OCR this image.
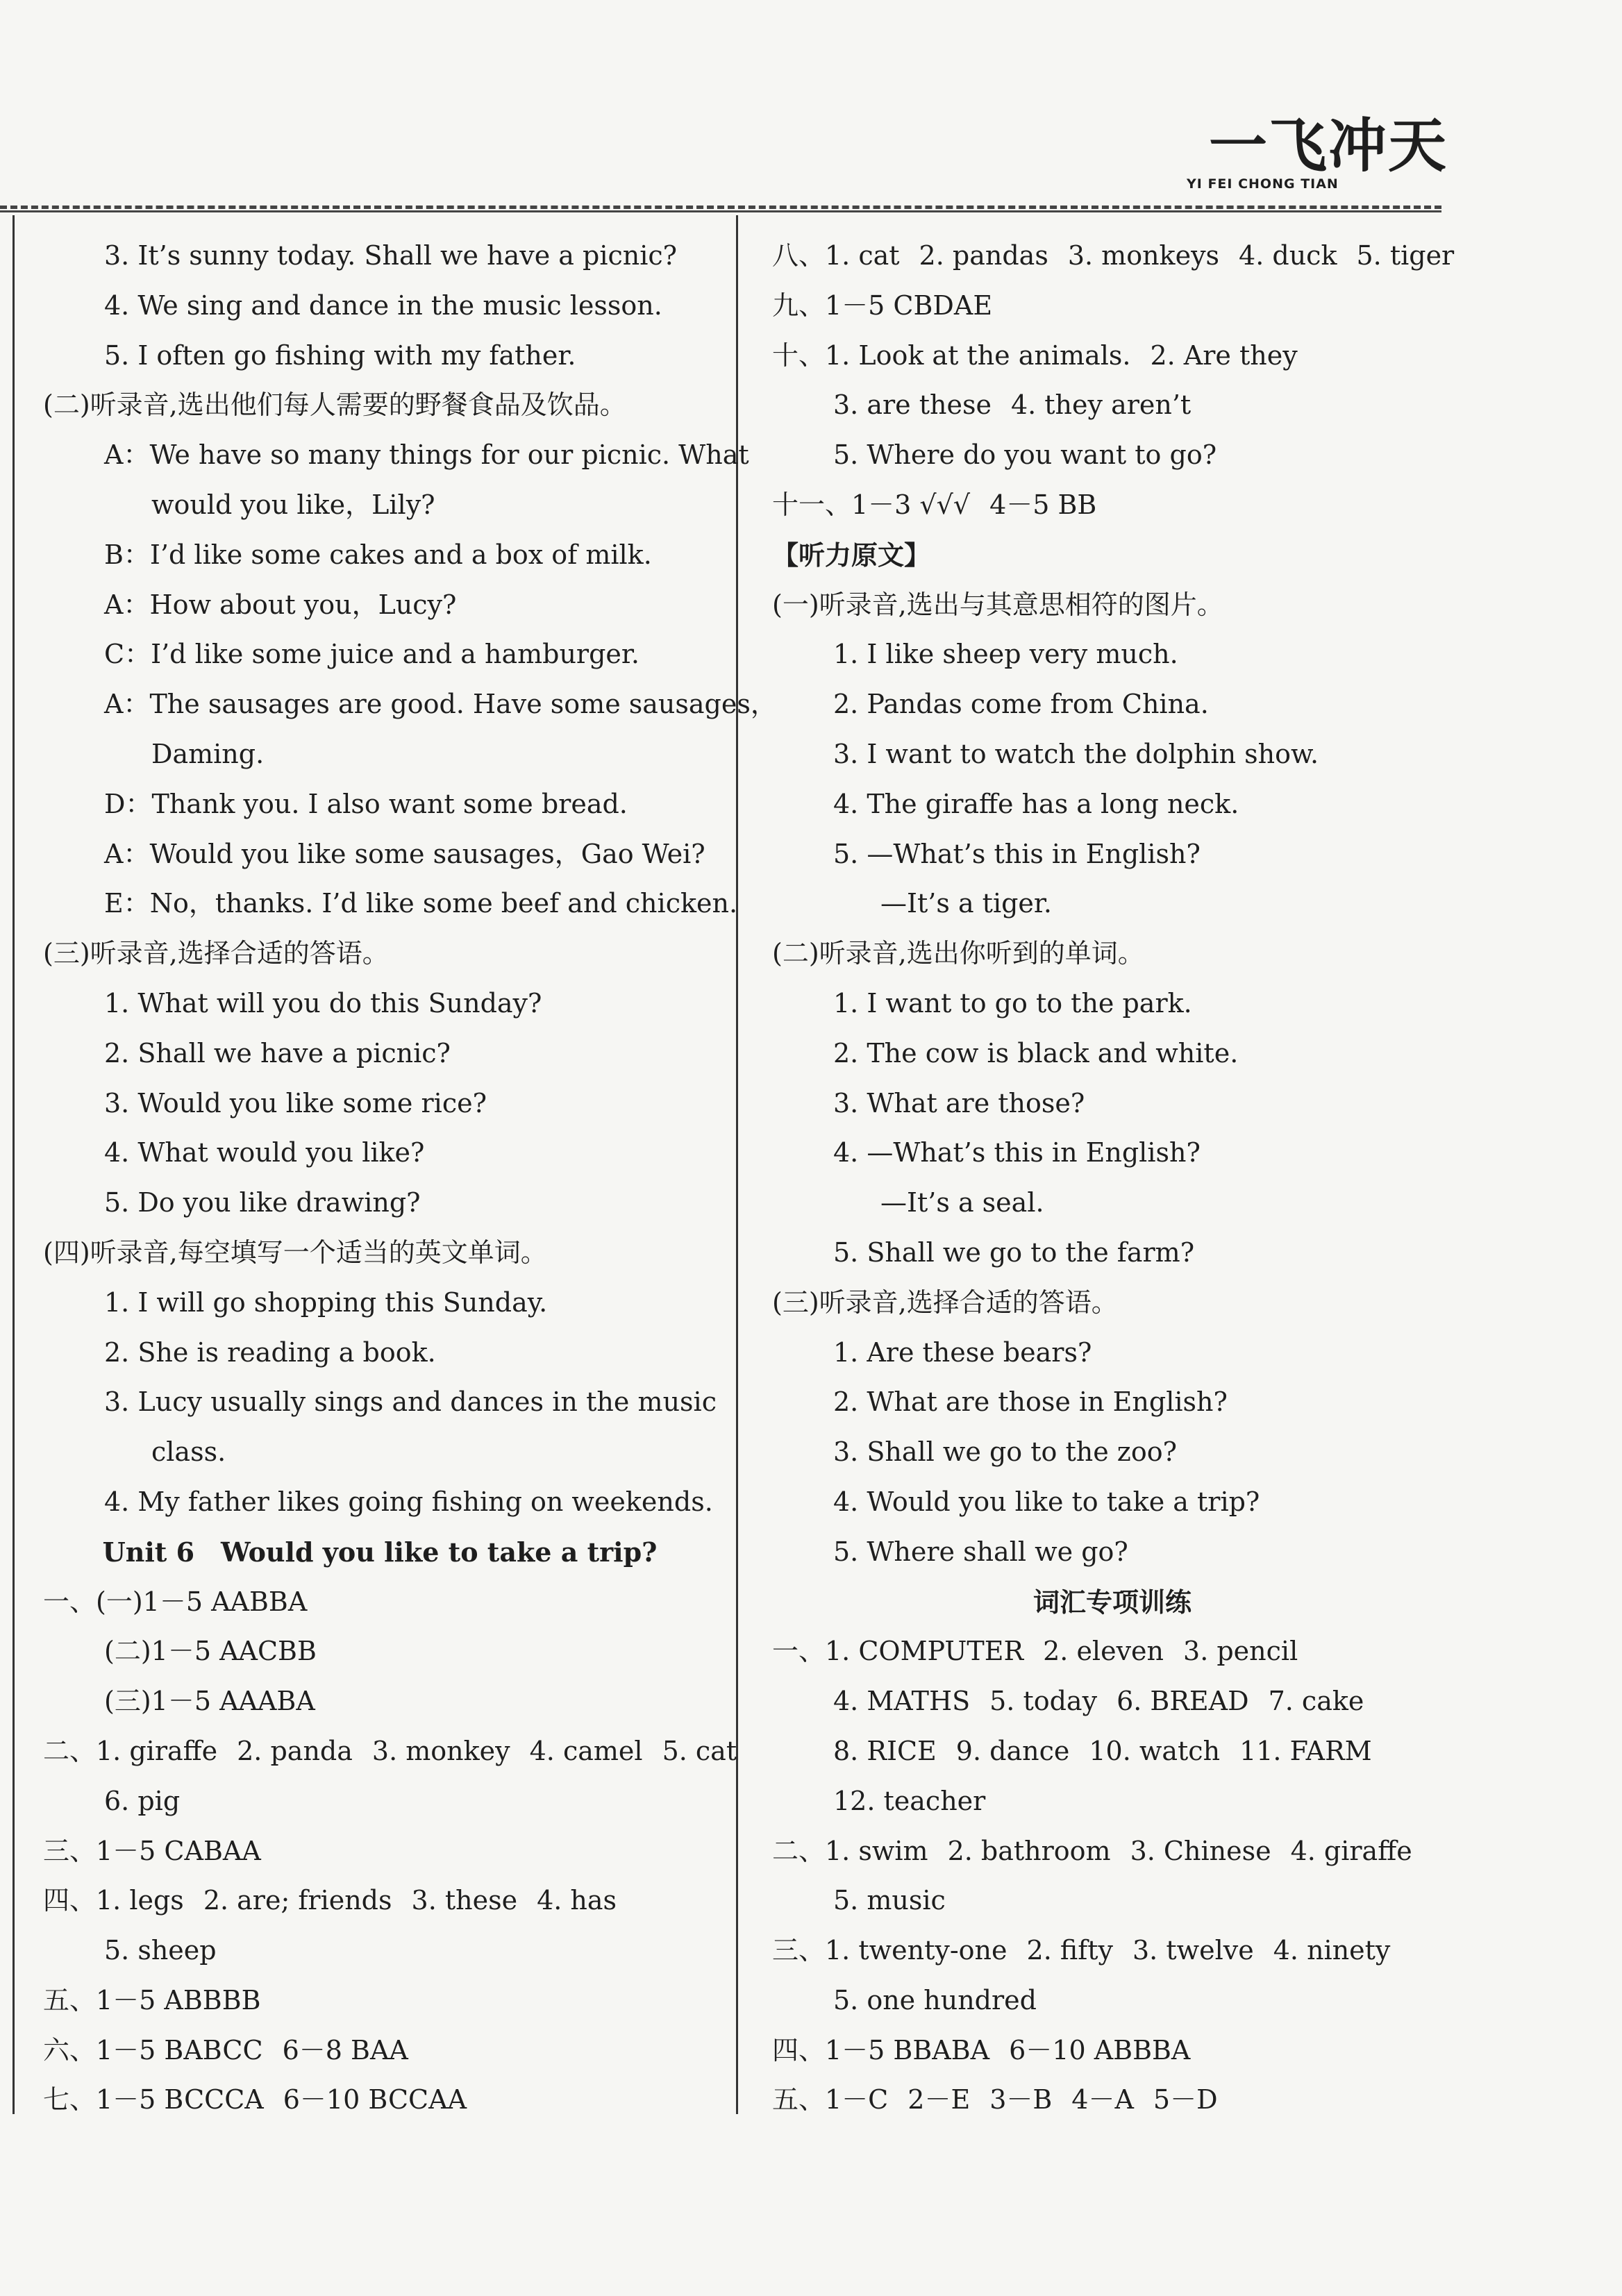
一飞冲天
YI FEI CHONG TIAN
3. It’s sunny today. Shall we have a picnic?
4. We sing and dance in the music lesson.
5. I often go fishing with my father.
(二)听录音,选出他们每人需要的野餐食品及饮品。
A：We have so many things for our picnic. What
would you like，Lily?
B：I’d like some cakes and a box of milk.
A：How about you，Lucy?
C：I’d like some juice and a hamburger.
A：The sausages are good. Have some sausages，
Daming.
D：Thank you. I also want some bread.
A：Would you like some sausages，Gao Wei?
E：No，thanks. I’d like some beef and chicken.
(三)听录音,选择合适的答语。
1. What will you do this Sunday?
2. Shall we have a picnic?
3. Would you like some rice?
4. What would you like?
5. Do you like drawing?
(四)听录音,每空填写一个适当的英文单词。
1. I will go shopping this Sunday.
2. She is reading a book.
3. Lucy usually sings and dances in the music
class.
4. My father likes going fishing on weekends.
Unit 6　Would you like to take a trip?
一、(一)1－5 AABBA
(二)1－5 AACBB
(三)1－5 AAABA
二、1. giraffe 2. panda 3. monkey 4. camel 5. cat
6. pig
三、1－5 CABAA
四、1. legs 2. are; friends 3. these 4. has
5. sheep
五、1－5 ABBBB
六、1－5 BABCC 6－8 BAA
七、1－5 BCCCA 6－10 BCCAA
八、1. cat 2. pandas 3. monkeys 4. duck 5. tiger
九、1－5 CBDAE
十、1. Look at the animals. 2. Are they
3. are these 4. they aren’t
5. Where do you want to go?
十一、1－3 √√√ 4－5 BB
【听力原文】
(一)听录音,选出与其意思相符的图片。
1. I like sheep very much.
2. Pandas come from China.
3. I want to watch the dolphin show.
4. The giraffe has a long neck.
5. —What’s this in English?
—It’s a tiger.
(二)听录音,选出你听到的单词。
1. I want to go to the park.
2. The cow is black and white.
3. What are those?
4. —What’s this in English?
—It’s a seal.
5. Shall we go to the farm?
(三)听录音,选择合适的答语。
1. Are these bears?
2. What are those in English?
3. Shall we go to the zoo?
4. Would you like to take a trip?
5. Where shall we go?
词汇专项训练
一、1. COMPUTER 2. eleven 3. pencil
4. MATHS 5. today 6. BREAD 7. cake
8. RICE 9. dance 10. watch 11. FARM
12. teacher
二、1. swim 2. bathroom 3. Chinese 4. giraffe
5. music
三、1. twenty-one 2. fifty 3. twelve 4. ninety
5. one hundred
四、1－5 BBABA 6－10 ABBBA
五、1－C 2－E 3－B 4－A 5－D
